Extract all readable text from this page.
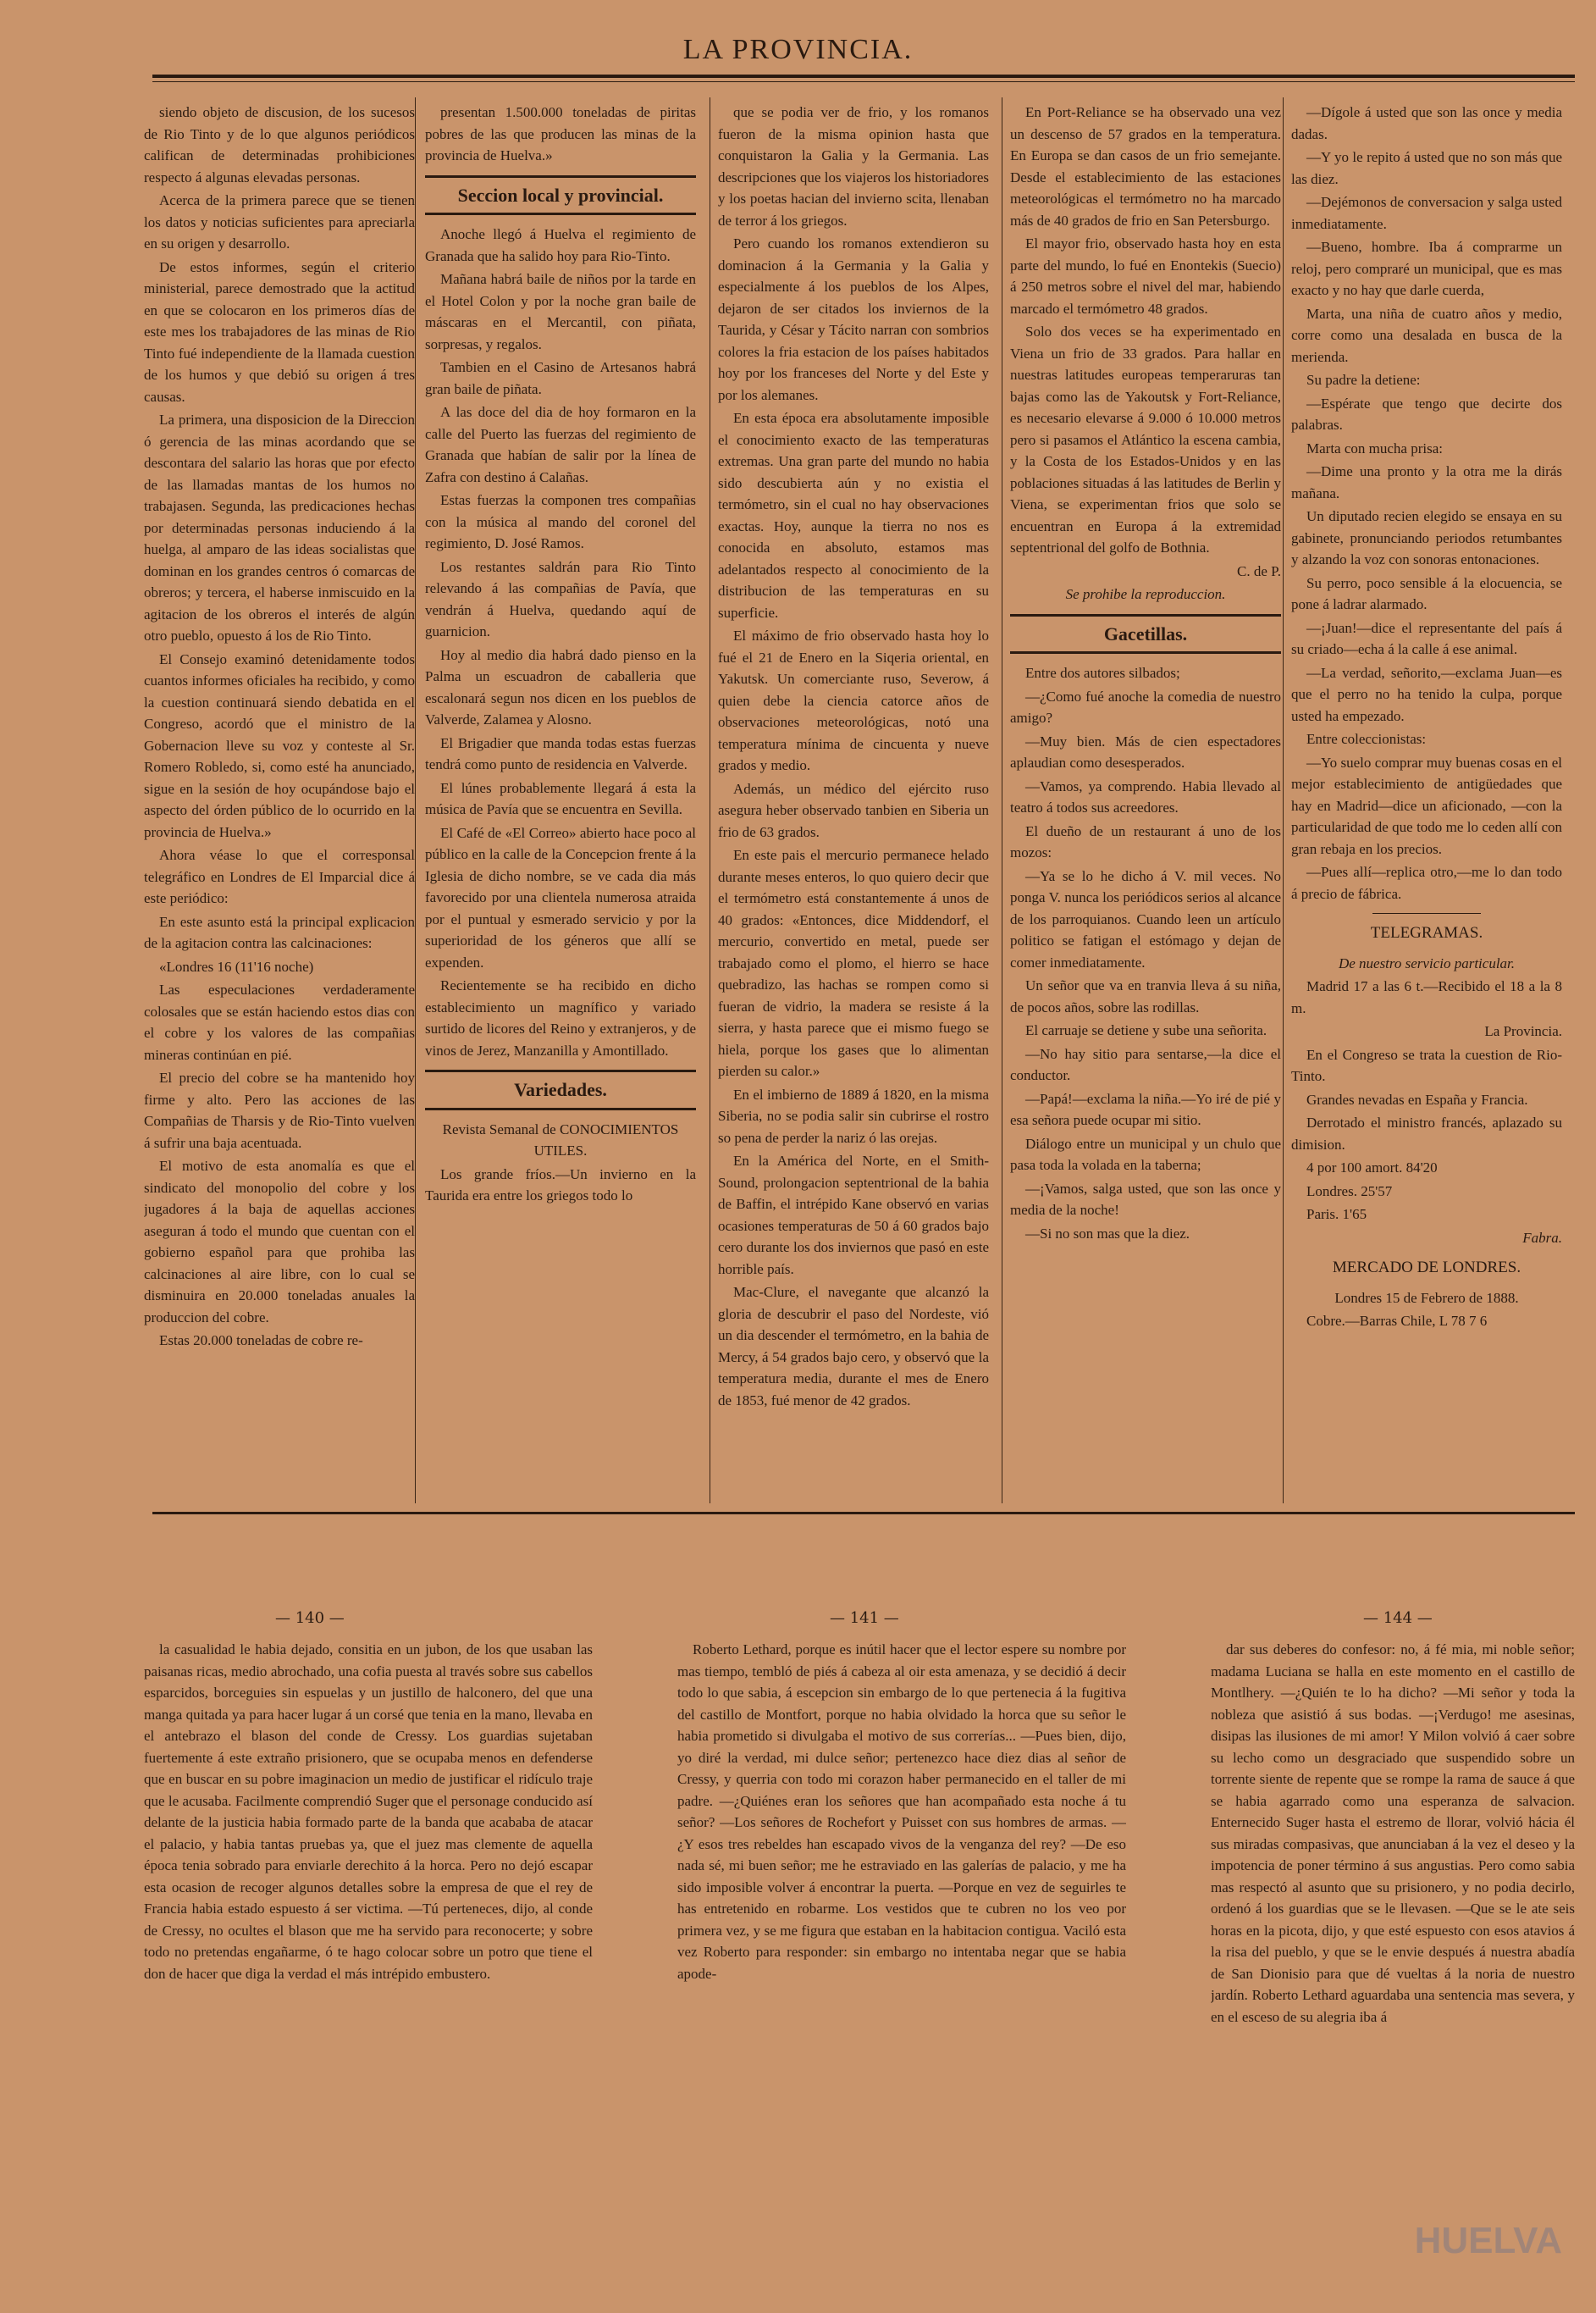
LA PROVINCIA.

siendo objeto de discusion, de los sucesos de Rio Tinto y de lo que algunos periódicos califican de determinadas prohibiciones respecto á algunas elevadas personas.

Acerca de la primera parece que se tienen los datos y noticias suficientes para apreciarla en su origen y desarrollo.

De estos informes, según el criterio ministerial, parece demostrado que la actitud en que se colocaron en los primeros días de este mes los trabajadores de las minas de Rio Tinto fué independiente de la llamada cuestion de los humos y que debió su origen á tres causas.

La primera, una disposicion de la Direccion ó gerencia de las minas acordando que se descontara del salario las horas que por efecto de las llamadas mantas de los humos no trabajasen. Segunda, las predicaciones hechas por determinadas personas induciendo á la huelga, al amparo de las ideas socialistas que dominan en los grandes centros ó comarcas de obreros; y tercera, el haberse inmiscuido en la agitacion de los obreros el interés de algún otro pueblo, opuesto á los de Rio Tinto.

El Consejo examinó detenidamente todos cuantos informes oficiales ha recibido, y como la cuestion continuará siendo debatida en el Congreso, acordó que el ministro de la Gobernacion lleve su voz y conteste al Sr. Romero Robledo, si, como esté ha anunciado, sigue en la sesión de hoy ocupándose bajo el aspecto del órden público de lo ocurrido en la provincia de Huelva.»

Ahora véase lo que el corresponsal telegráfico en Londres de El Imparcial dice á este periódico:

En este asunto está la principal explicacion de la agitacion contra las calcinaciones:

«Londres 16 (11'16 noche)

Las especulaciones verdaderamente colosales que se están haciendo estos dias con el cobre y los valores de las compañias mineras continúan en pié.

El precio del cobre se ha mantenido hoy firme y alto. Pero las acciones de las Compañias de Tharsis y de Rio-Tinto vuelven á sufrir una baja acentuada.

El motivo de esta anomalía es que el sindicato del monopolio del cobre y los jugadores á la baja de aquellas acciones aseguran á todo el mundo que cuentan con el gobierno español para que prohiba las calcinaciones al aire libre, con lo cual se disminuira en 20.000 toneladas anuales la produccion del cobre.

Estas 20.000 toneladas de cobre re-

presentan 1.500.000 toneladas de piritas pobres de las que producen las minas de la provincia de Huelva.»

Seccion local y provincial.

Anoche llegó á Huelva el regimiento de Granada que ha salido hoy para Rio-Tinto.

Mañana habrá baile de niños por la tarde en el Hotel Colon y por la noche gran baile de máscaras en el Mercantil, con piñata, sorpresas, y regalos.

Tambien en el Casino de Artesanos habrá gran baile de piñata.

A las doce del dia de hoy formaron en la calle del Puerto las fuerzas del regimiento de Granada que habían de salir por la línea de Zafra con destino á Calañas.

Estas fuerzas la componen tres compañias con la música al mando del coronel del regimiento, D. José Ramos.

Los restantes saldrán para Rio Tinto relevando á las compañias de Pavía, que vendrán á Huelva, quedando aquí de guarnicion.

Hoy al medio dia habrá dado pienso en la Palma un escuadron de caballeria que escalonará segun nos dicen en los pueblos de Valverde, Zalamea y Alosno.

El Brigadier que manda todas estas fuerzas tendrá como punto de residencia en Valverde.

El lúnes probablemente llegará á esta la música de Pavía que se encuentra en Sevilla.

El Café de «El Correo» abierto hace poco al público en la calle de la Concepcion frente á la Iglesia de dicho nombre, se ve cada dia más favorecido por una clientela numerosa atraida por el puntual y esmerado servicio y por la superioridad de los géneros que allí se expenden.

Recientemente se ha recibido en dicho establecimiento un magnífico y variado surtido de licores del Reino y extranjeros, y de vinos de Jerez, Manzanilla y Amontillado.

Variedades.

Revista Semanal de CONOCIMIENTOS UTILES.

Los grande fríos.—Un invierno en la Taurida era entre los griegos todo lo

que se podia ver de frio, y los romanos fueron de la misma opinion hasta que conquistaron la Galia y la Germania. Las descripciones que los viajeros los historiadores y los poetas hacian del invierno scita, llenaban de terror á los griegos.

Pero cuando los romanos extendieron su dominacion á la Germania y la Galia y especialmente á los pueblos de los Alpes, dejaron de ser citados los inviernos de la Taurida, y César y Tácito narran con sombrios colores la fria estacion de los países habitados hoy por los franceses del Norte y del Este y por los alemanes.

En esta época era absolutamente imposible el conocimiento exacto de las temperaturas extremas. Una gran parte del mundo no habia sido descubierta aún y no existia el termómetro, sin el cual no hay observaciones exactas. Hoy, aunque la tierra no nos es conocida en absoluto, estamos mas adelantados respecto al conocimiento de la distribucion de las temperaturas en su superficie.

El máximo de frio observado hasta hoy lo fué el 21 de Enero en la Siqeria oriental, en Yakutsk. Un comerciante ruso, Severow, á quien debe la ciencia catorce años de observaciones meteorológicas, notó una temperatura mínima de cincuenta y nueve grados y medio.

Además, un médico del ejército ruso asegura heber observado tanbien en Siberia un frio de 63 grados.

En este pais el mercurio permanece helado durante meses enteros, lo quo quiero decir que el termómetro está constantemente á unos de 40 grados: «Entonces, dice Middendorf, el mercurio, convertido en metal, puede ser trabajado como el plomo, el hierro se hace quebradizo, las hachas se rompen como si fueran de vidrio, la madera se resiste á la sierra, y hasta parece que ei mismo fuego se hiela, porque los gases que lo alimentan pierden su calor.»

En el imbierno de 1889 á 1820, en la misma Siberia, no se podia salir sin cubrirse el rostro so pena de perder la nariz ó las orejas.

En la América del Norte, en el Smith-Sound, prolongacion septentrional de la bahia de Baffin, el intrépido Kane observó en varias ocasiones temperaturas de 50 á 60 grados bajo cero durante los dos inviernos que pasó en este horrible país.

Mac-Clure, el navegante que alcanzó la gloria de descubrir el paso del Nordeste, vió un dia descender el termómetro, en la bahia de Mercy, á 54 grados bajo cero, y observó que la temperatura media, durante el mes de Enero de 1853, fué menor de 42 grados.

En Port-Reliance se ha observado una vez un descenso de 57 grados en la temperatura. En Europa se dan casos de un frio semejante. Desde el establecimiento de las estaciones meteorológicas el termómetro no ha marcado más de 40 grados de frio en San Petersburgo.

El mayor frio, observado hasta hoy en esta parte del mundo, lo fué en Enontekis (Suecio) á 250 metros sobre el nivel del mar, habiendo marcado el termómetro 48 grados.

Solo dos veces se ha experimentado en Viena un frio de 33 grados. Para hallar en nuestras latitudes europeas temperaruras tan bajas como las de Yakoutsk y Fort-Reliance, es necesario elevarse á 9.000 ó 10.000 metros pero si pasamos el Atlántico la escena cambia, y la Costa de los Estados-Unidos y en las poblaciones situadas á las latitudes de Berlin y Viena, se experimentan frios que solo se encuentran en Europa á la extremidad septentrional del golfo de Bothnia.

C. de P.

Se prohibe la reproduccion.

Gacetillas.

Entre dos autores silbados;

—¿Como fué anoche la comedia de nuestro amigo?

—Muy bien. Más de cien espectadores aplaudian como desesperados.

—Vamos, ya comprendo. Habia llevado al teatro á todos sus acreedores.

El dueño de un restaurant á uno de los mozos:

—Ya se lo he dicho á V. mil veces. No ponga V. nunca los periódicos serios al alcance de los parroquianos. Cuando leen un artículo politico se fatigan el estómago y dejan de comer inmediatamente.

Un señor que va en tranvia lleva á su niña, de pocos años, sobre las rodillas.

El carruaje se detiene y sube una señorita.

—No hay sitio para sentarse,—la dice el conductor.

—Papá!—exclama la niña.—Yo iré de pié y esa señora puede ocupar mi sitio.

Diálogo entre un municipal y un chulo que pasa toda la volada en la taberna;

—¡Vamos, salga usted, que son las once y media de la noche!

—Si no son mas que la diez.

—Dígole á usted que son las once y media dadas.

—Y yo le repito á usted que no son más que las diez.

—Dejémonos de conversacion y salga usted inmediatamente.

—Bueno, hombre. Iba á comprarme un reloj, pero compraré un municipal, que es mas exacto y no hay que darle cuerda,

Marta, una niña de cuatro años y medio, corre como una desalada en busca de la merienda.

Su padre la detiene:

—Espérate que tengo que decirte dos palabras.

Marta con mucha prisa:

—Dime una pronto y la otra me la dirás mañana.

Un diputado recien elegido se ensaya en su gabinete, pronunciando periodos retumbantes y alzando la voz con sonoras entonaciones.

Su perro, poco sensible á la elocuencia, se pone á ladrar alarmado.

—¡Juan!—dice el representante del país á su criado—echa á la calle á ese animal.

—La verdad, señorito,—exclama Juan—es que el perro no ha tenido la culpa, porque usted ha empezado.

Entre coleccionistas:

—Yo suelo comprar muy buenas cosas en el mejor establecimiento de antigüedades que hay en Madrid—dice un aficionado, —con la particularidad de que todo me lo ceden allí con gran rebaja en los precios.

—Pues allí—replica otro,—me lo dan todo á precio de fábrica.

TELEGRAMAS.

De nuestro servicio particular.

Madrid 17 a las 6 t.—Recibido el 18 a la 8 m.

La Provincia.

En el Congreso se trata la cuestion de Rio-Tinto.

Grandes nevadas en España y Francia.

Derrotado el ministro francés, aplazado su dimision.

4 por 100 amort. 84'20

Londres. 25'57

Paris. 1'65

Fabra.

MERCADO DE LONDRES.

Londres 15 de Febrero de 1888.

Cobre.—Barras Chile, L 78 7 6

— 140 —	— 141 —	— 144 —

la casualidad le habia dejado, consitia en un jubon, de los que usaban las paisanas ricas, medio abrochado, una cofia puesta al través sobre sus cabellos esparcidos, borceguies sin espuelas y un justillo de halconero, del que una manga quitada ya para hacer lugar á un corsé que tenia en la mano, llevaba en el antebrazo el blason del conde de Cressy. Los guardias sujetaban fuertemente á este extraño prisionero, que se ocupaba menos en defenderse que en buscar en su pobre imaginacion un medio de justificar el ridículo traje que le acusaba. Facilmente comprendió Suger que el personage conducido así delante de la justicia habia formado parte de la banda que acababa de atacar el palacio, y habia tantas pruebas ya, que el juez mas clemente de aquella época tenia sobrado para enviarle derechito á la horca. Pero no dejó escapar esta ocasion de recoger algunos detalles sobre la empresa de que el rey de Francia habia estado espuesto á ser victima. —Tú perteneces, dijo, al conde de Cressy, no ocultes el blason que me ha servido para reconocerte; y sobre todo no pretendas engañarme, ó te hago colocar sobre un potro que tiene el don de hacer que diga la verdad el más intrépido embustero.

Roberto Lethard, porque es inútil hacer que el lector espere su nombre por mas tiempo, tembló de piés á cabeza al oir esta amenaza, y se decidió á decir todo lo que sabia, á escepcion sin embargo de lo que pertenecia á la fugitiva del castillo de Montfort, porque no habia olvidado la horca que su señor le habia prometido si divulgaba el motivo de sus correrías... —Pues bien, dijo, yo diré la verdad, mi dulce señor; pertenezco hace diez dias al señor de Cressy, y querria con todo mi corazon haber permanecido en el taller de mi padre. —¿Quiénes eran los señores que han acompañado esta noche á tu señor? —Los señores de Rochefort y Puisset con sus hombres de armas. —¿Y esos tres rebeldes han escapado vivos de la venganza del rey? —De eso nada sé, mi buen señor; me he estraviado en las galerías de palacio, y me ha sido imposible volver á encontrar la puerta. —Porque en vez de seguirles te has entretenido en robarme. Los vestidos que te cubren no los veo por primera vez, y se me figura que estaban en la habitacion contigua. Vaciló esta vez Roberto para responder: sin embargo no intentaba negar que se habia apode-

dar sus deberes do confesor: no, á fé mia, mi noble señor; madama Luciana se halla en este momento en el castillo de Montlhery. —¿Quién te lo ha dicho? —Mi señor y toda la nobleza que asistió á sus bodas. —¡Verdugo! me asesinas, disipas las ilusiones de mi amor! Y Milon volvió á caer sobre su lecho como un desgraciado que suspendido sobre un torrente siente de repente que se rompe la rama de sauce á que se habia agarrado como una esperanza de salvacion. Enternecido Suger hasta el estremo de llorar, volvió hácia él sus miradas compasivas, que anunciaban á la vez el deseo y la impotencia de poner término á sus angustias. Pero como sabia mas respectó al asunto que su prisionero, y no podia decirlo, ordenó á los guardias que se le llevasen. —Que se le ate seis horas en la picota, dijo, y que esté espuesto con esos atavios á la risa del pueblo, y que se le envie después á nuestra abadía de San Dionisio para que dé vueltas á la noria de nuestro jardín. Roberto Lethard aguardaba una sentencia mas severa, y en el esceso de su alegria iba á

HUELVA
